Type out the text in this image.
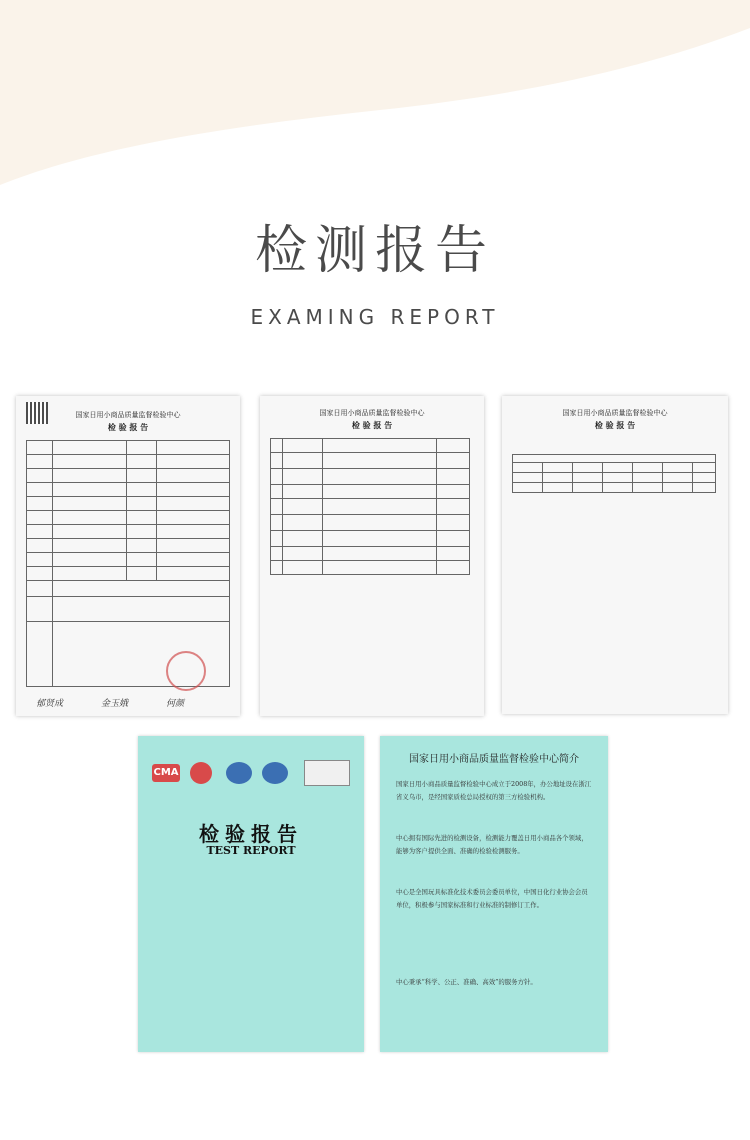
检测报告
EXAMING REPORT
国家日用小商品质量监督检验中心
检 验 报 告
郁贤成	金玉娥	何颜
国家日用小商品质量监督检验中心
检 验 报 告
国家日用小商品质量监督检验中心
检 验 报 告
CMA
检验报告
TEST REPORT
国家日用小商品质量监督检验中心简介
国家日用小商品质量监督检验中心成立于2008年，办公地址设在浙江省义乌市，是经国家质检总局授权的第三方检验机构。
中心拥有国际先进的检测设备，检测能力覆盖日用小商品各个领域，能够为客户提供全面、准确的检验检测服务。
中心是全国玩具标准化技术委员会委员单位，中国日化行业协会会员单位，积极参与国家标准和行业标准的制修订工作。
中心秉承“科学、公正、准确、高效”的服务方针。
